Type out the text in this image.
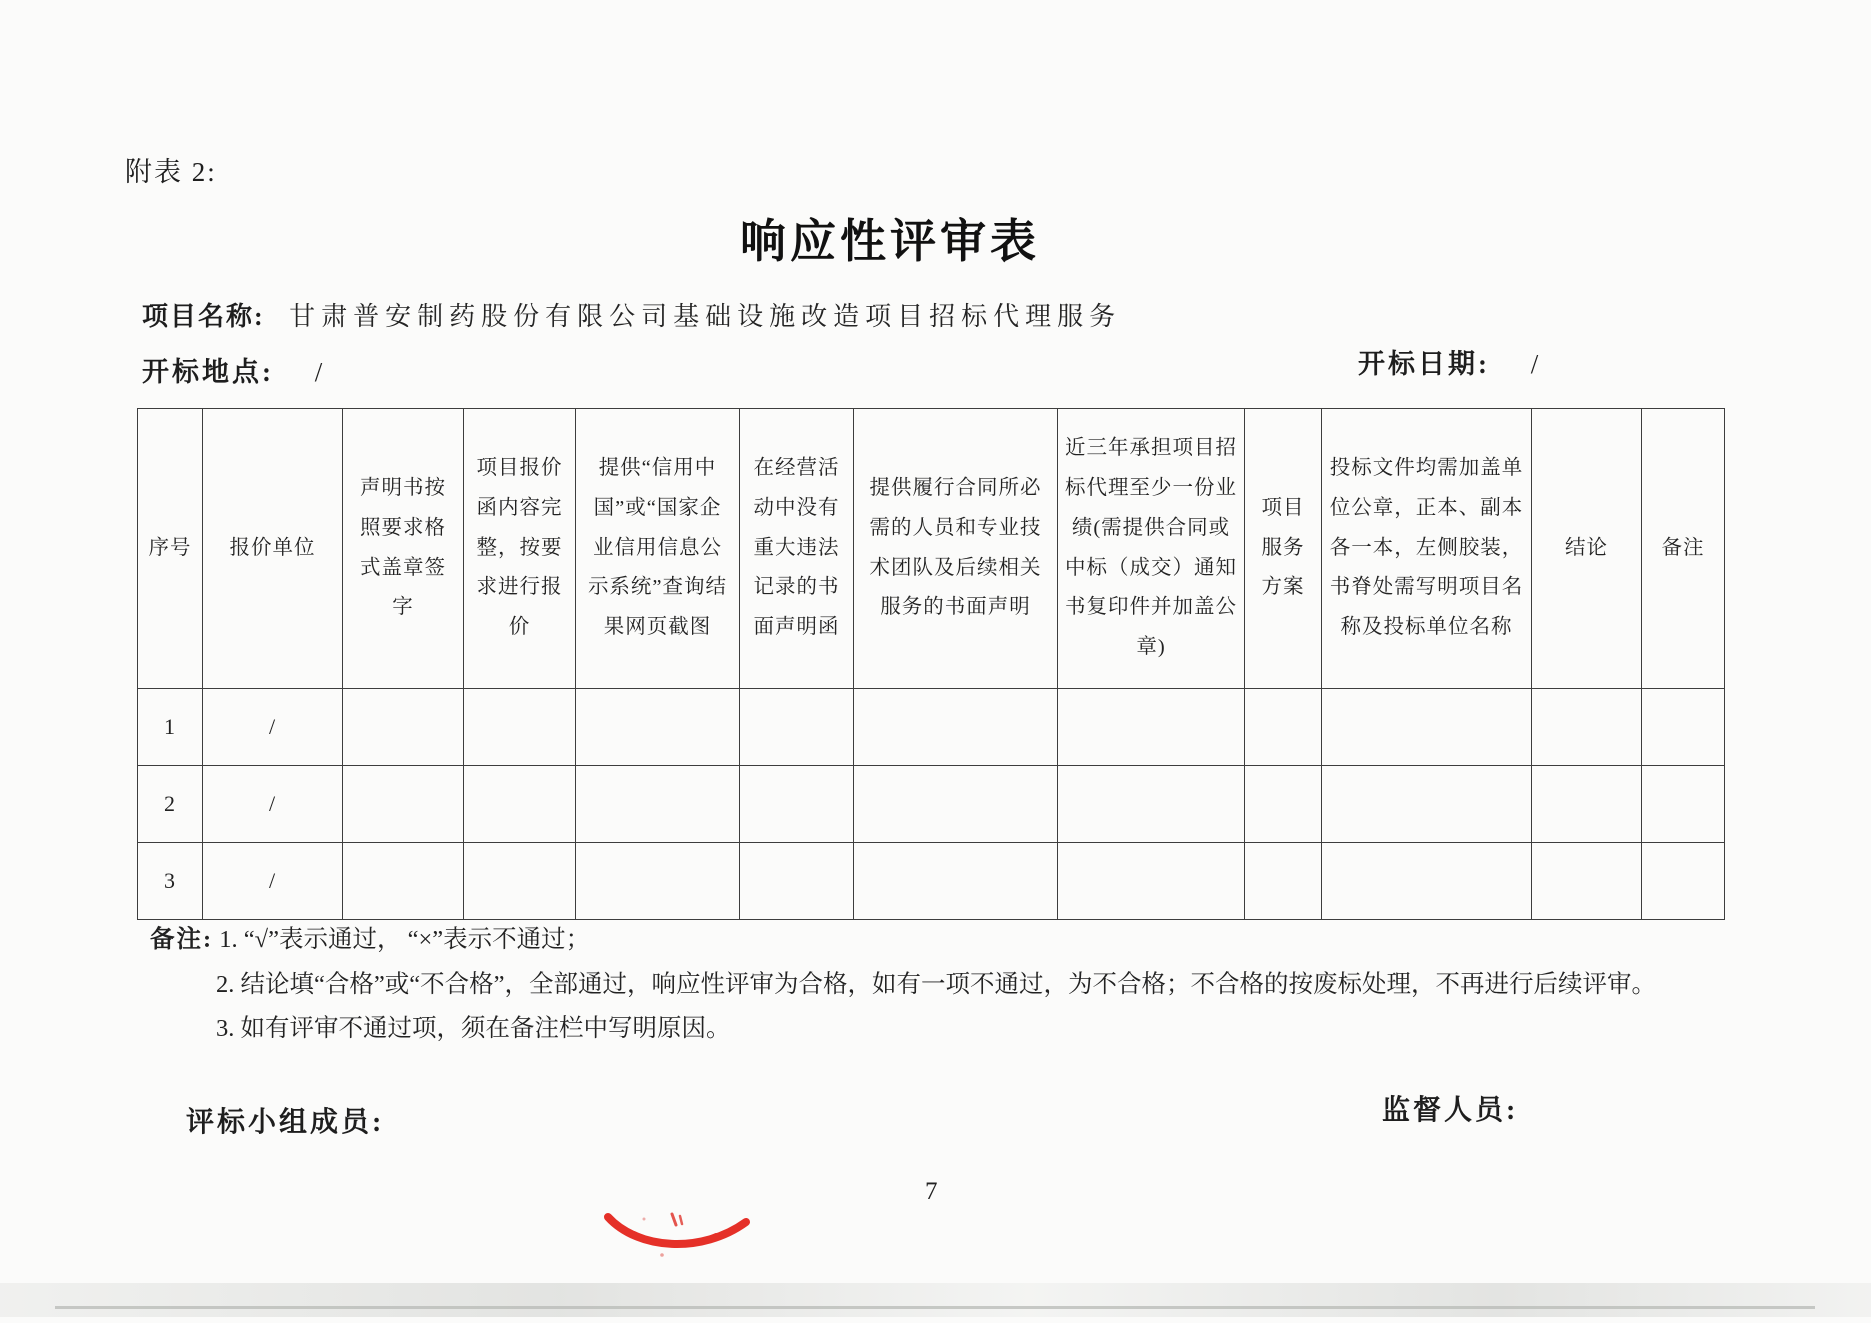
附表 2:
响应性评审表
项目名称: 甘肃普安制药股份有限公司基础设施改造项目招标代理服务
开标地点: /	开标日期: /
序号	报价单位	声明书按照要求格式盖章签字	项目报价函内容完整，按要求进行报价	提供“信用中国”或“国家企业信用信息公示系统”查询结果网页截图	在经营活动中没有重大违法记录的书面声明函	提供履行合同所必需的人员和专业技术团队及后续相关服务的书面声明	近三年承担项目招标代理至少一份业绩(需提供合同或中标（成交）通知书复印件并加盖公章)	项目服务方案	投标文件均需加盖单位公章，正本、副本各一本，左侧胶装，书脊处需写明项目名称及投标单位名称	结论	备注
1	/										
2	/										
3	/										

备注: 1. “√”表示通过， “×”表示不通过；

2. 结论填“合格”或“不合格”，全部通过，响应性评审为合格，如有一项不通过，为不合格；不合格的按废标处理，不再进行后续评审。

3. 如有评审不通过项，须在备注栏中写明原因。

评标小组成员:	监督人员:
7
